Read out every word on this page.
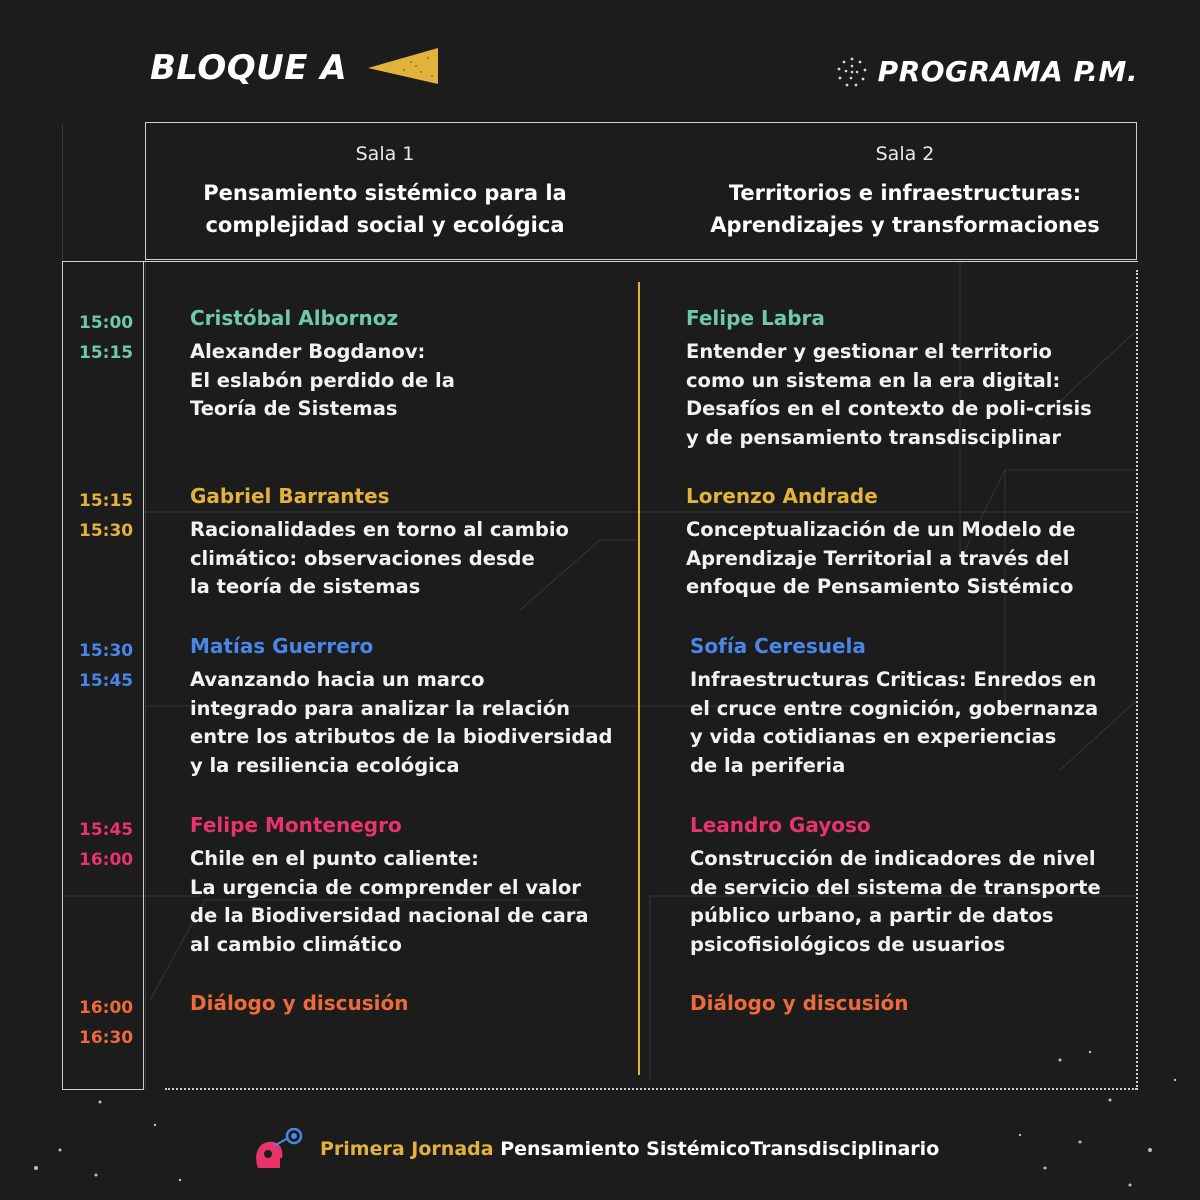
BLOQUE A	PROGRAMA P.M.
Sala 1
Pensamiento sistémico para la complejidad social y ecológica
Sala 2
Territorios e infraestructuras: Aprendizajes y transformaciones
15:00
15:15
Cristóbal Albornoz
Alexander Bogdanov:
El eslabón perdido de la
Teoría de Sistemas
Felipe Labra
Entender y gestionar el territorio
como un sistema en la era digital:
Desafíos en el contexto de poli-crisis
y de pensamiento transdisciplinar
15:15
15:30
Gabriel Barrantes
Racionalidades en torno al cambio
climático: observaciones desde
la teoría de sistemas
Lorenzo Andrade
Conceptualización de un Modelo de
Aprendizaje Territorial a través del
enfoque de Pensamiento Sistémico
15:30
15:45
Matías Guerrero
Avanzando hacia un marco
integrado para analizar la relación
entre los atributos de la biodiversidad
y la resiliencia ecológica
Sofía Ceresuela
Infraestructuras Criticas: Enredos en
el cruce entre cognición, gobernanza
y vida cotidianas en experiencias
de la periferia
15:45
16:00
Felipe Montenegro
Chile en el punto caliente:
La urgencia de comprender el valor
de la Biodiversidad nacional de cara
al cambio climático
Leandro Gayoso
Construcción de indicadores de nivel
de servicio del sistema de transporte
público urbano, a partir de datos
psicofisiológicos de usuarios
16:00
16:30
Diálogo y discusión	Diálogo y discusión
Primera Jornada Pensamiento SistémicoTransdisciplinario
